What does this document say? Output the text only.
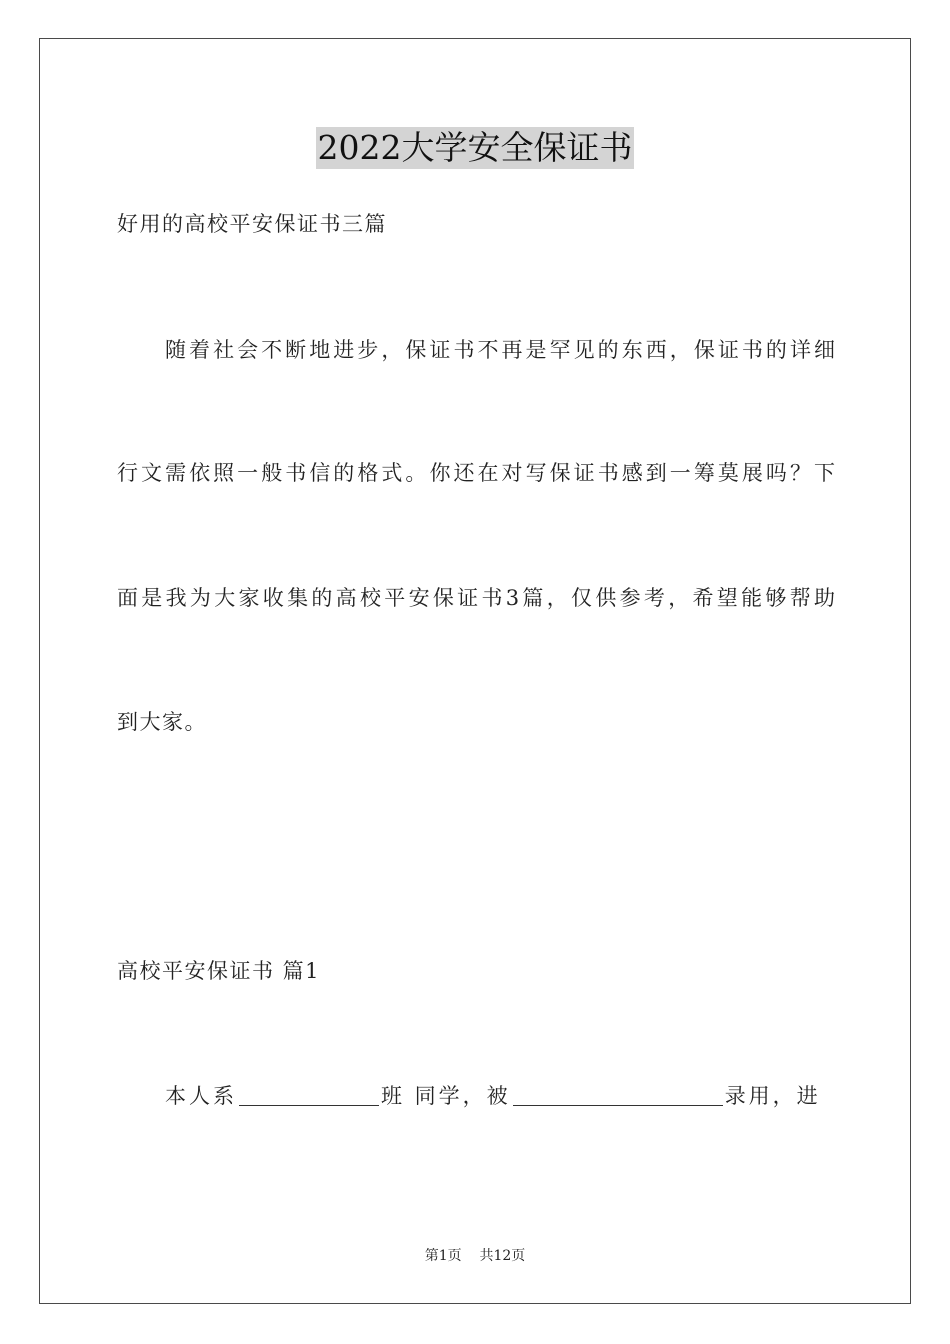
2022大学安全保证书
好用的高校平安保证书三篇
随着社会不断地进步，保证书不再是罕见的东西，保证书的详细
行文需依照一般书信的格式。你还在对写保证书感到一筹莫展吗？下
面是我为大家收集的高校平安保证书3篇，仅供参考，希望能够帮助
到大家。
高校平安保证书 篇1
本人系	班 同学，被	录用，进
第1页    共12页
